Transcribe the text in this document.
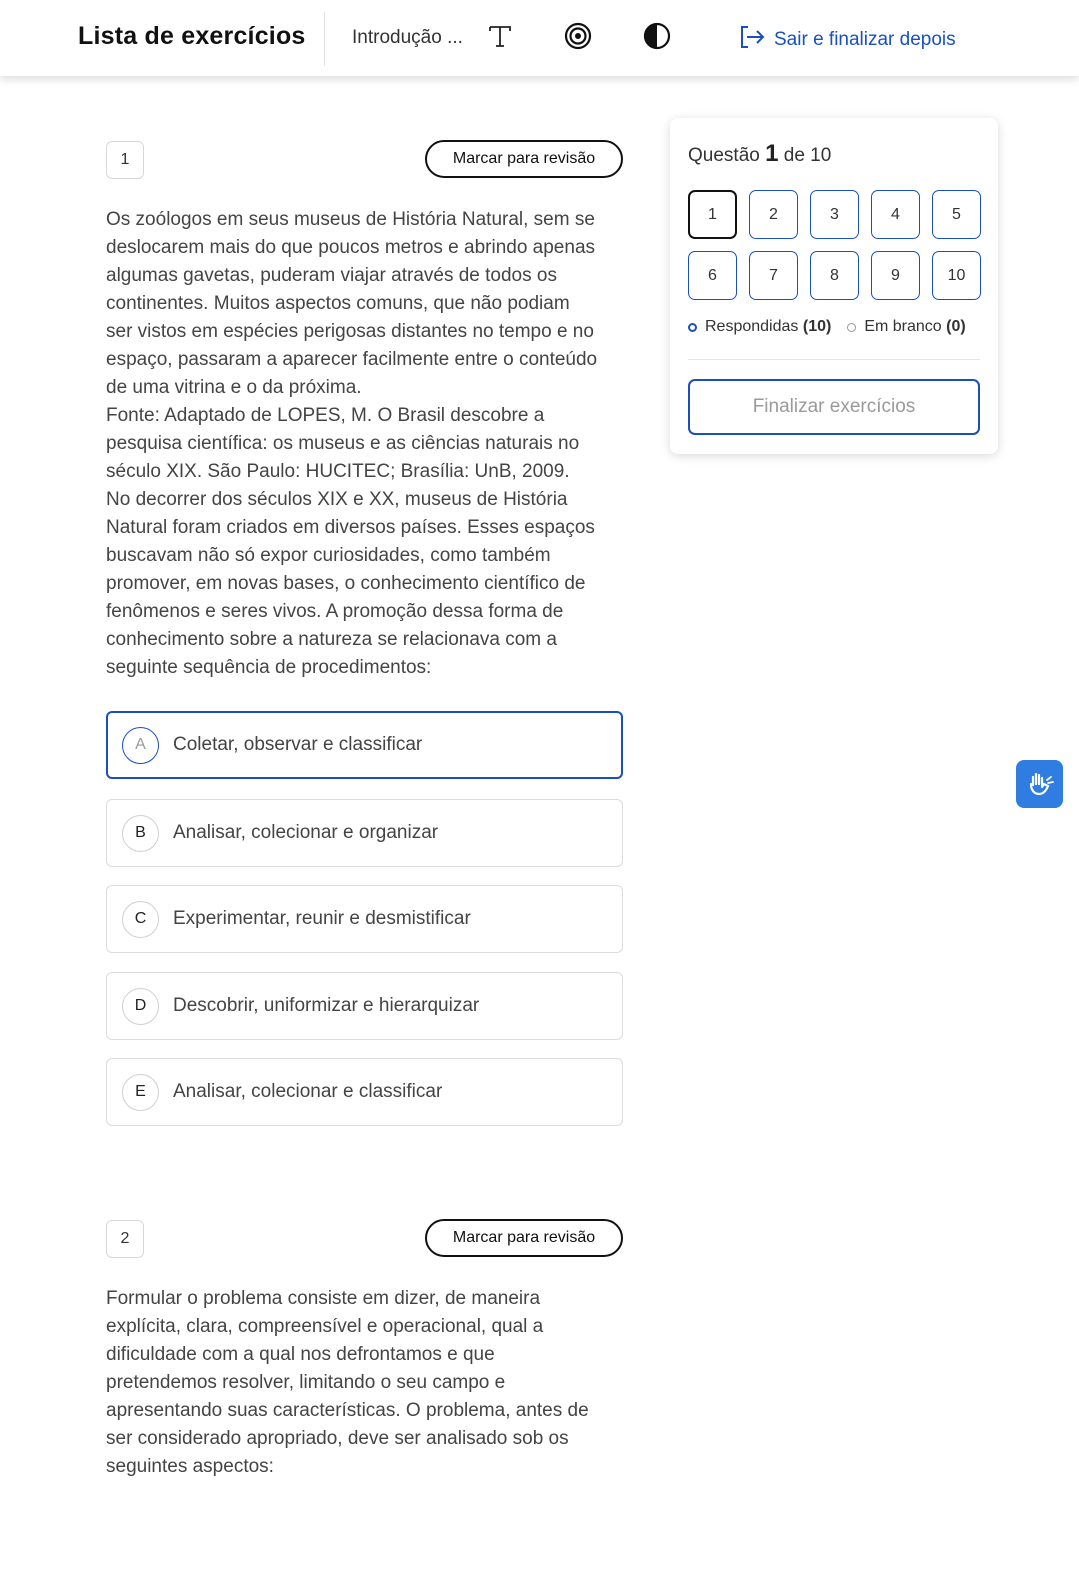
Lista de exercícios Introdução ...	Sair e finalizar depois
1	Marcar para revisão
Os zoólogos em seus museus de História Natural, sem se
deslocarem mais do que poucos metros e abrindo apenas
algumas gavetas, puderam viajar através de todos os
continentes. Muitos aspectos comuns, que não podiam
ser vistos em espécies perigosas distantes no tempo e no
espaço, passaram a aparecer facilmente entre o conteúdo
de uma vitrina e o da próxima.
Fonte: Adaptado de LOPES, M. O Brasil descobre a
pesquisa científica: os museus e as ciências naturais no
século XIX. São Paulo: HUCITEC; Brasília: UnB, 2009.
No decorrer dos séculos XIX e XX, museus de História
Natural foram criados em diversos países. Esses espaços
buscavam não só expor curiosidades, como também
promover, em novas bases, o conhecimento científico de
fenômenos e seres vivos. A promoção dessa forma de
conhecimento sobre a natureza se relacionava com a
seguinte sequência de procedimentos:
A	Coletar, observar e classificar
B	Analisar, colecionar e organizar
C	Experimentar, reunir e desmistificar
D	Descobrir, uniformizar e hierarquizar
E	Analisar, colecionar e classificar
2	Marcar para revisão
Formular o problema consiste em dizer, de maneira
explícita, clara, compreensível e operacional, qual a
dificuldade com a qual nos defrontamos e que
pretendemos resolver, limitando o seu campo e
apresentando suas características. O problema, antes de
ser considerado apropriado, deve ser analisado sob os
seguintes aspectos:
Questão 1 de 10
1	2	3	4	5
6	7	8	9	10
Respondidas
(10) Em branco
(0)
Finalizar exercícios
